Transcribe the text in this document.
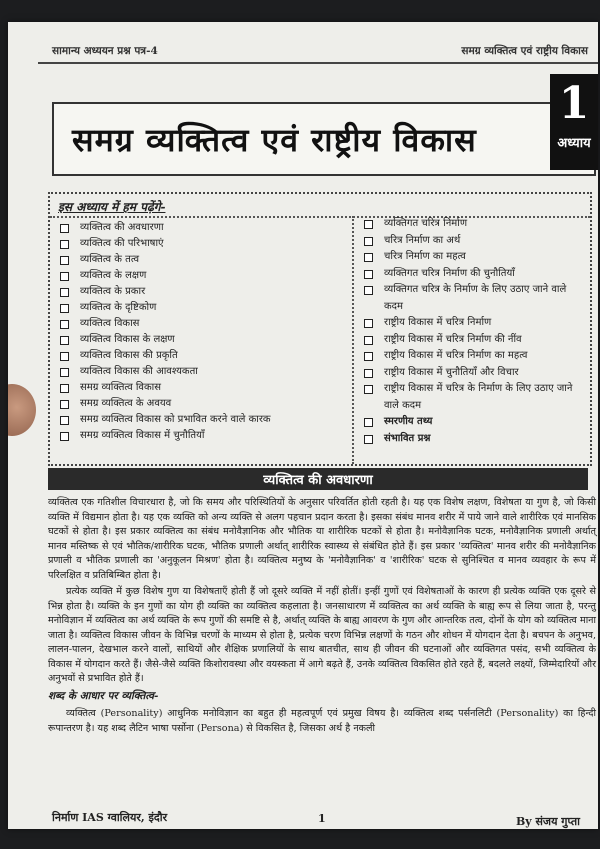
सामान्य अध्ययन प्रश्न पत्र-4	समग्र व्यक्तित्व एवं राष्ट्रीय विकास
समग्र व्यक्तित्व एवं राष्ट्रीय विकास
1
अध्याय
इस अध्याय में हम पढ़ेंगे-
व्यक्तित्व की अवधारणा
व्यक्तित्व की परिभाषाएं
व्यक्तित्व के तत्व
व्यक्तित्व के लक्षण
व्यक्तित्व के प्रकार
व्यक्तित्व के दृष्टिकोण
व्यक्तित्व विकास
व्यक्तित्व विकास के लक्षण
व्यक्तित्व विकास की प्रकृति
व्यक्तित्व विकास की आवश्यकता
समग्र व्यक्तित्व विकास
समग्र व्यक्तित्व के अवयव
समग्र व्यक्तित्व विकास को प्रभावित करने वाले कारक
समग्र व्यक्तित्व विकास में चुनौतियाँ
व्यक्तिगत चरित्र निर्माण
चरित्र निर्माण का अर्थ
चरित्र निर्माण का महत्व
व्यक्तिगत चरित्र निर्माण की चुनौतियाँ
व्यक्तिगत चरित्र के निर्माण के लिए उठाए जाने वाले कदम
राष्ट्रीय विकास में चरित्र निर्माण
राष्ट्रीय विकास में चरित्र निर्माण की नींव
राष्ट्रीय विकास में चरित्र निर्माण का महत्व
राष्ट्रीय विकास में चुनौतियाँ और विचार
राष्ट्रीय विकास में चरित्र के निर्माण के लिए उठाए जाने वाले कदम
स्मरणीय तथ्य
संभावित प्रश्न
व्यक्तित्व की अवधारणा

व्यक्तित्व एक गतिशील विचारधारा है, जो कि समय और परिस्थितियों के अनुसार परिवर्तित होती रहती है। यह एक विशेष लक्षण, विशेषता या गुण है, जो किसी व्यक्ति में विद्यमान होता है। यह एक व्यक्ति को अन्य व्यक्ति से अलग पहचान प्रदान करता है। इसका संबंध मानव शरीर में पाये जाने वाले शारीरिक एवं मानसिक घटकों से होता है। इस प्रकार व्यक्तित्व का संबंध मनोवैज्ञानिक और भौतिक या शारीरिक घटकों से होता है। मनोवैज्ञानिक घटक, मनोवैज्ञानिक प्रणाली अर्थात् मानव मस्तिष्क से एवं भौतिक/शारीरिक घटक, भौतिक प्रणाली अर्थात् शारीरिक स्वास्थ्य से संबंधित होते हैं। इस प्रकार 'व्यक्तित्व' मानव शरीर की मनोवैज्ञानिक प्रणाली व भौतिक प्रणाली का 'अनुकूलन मिश्रण' होता है। व्यक्तित्व मनुष्य के 'मनोवैज्ञानिक' व 'शारीरिक' घटक से सुनिश्चित व मानव व्यवहार के रूप में परिलक्षित व प्रतिबिम्बित होता है।

प्रत्येक व्यक्ति में कुछ विशेष गुण या विशेषताएँ होती हैं जो दूसरे व्यक्ति में नहीं होतीं। इन्हीं गुणों एवं विशेषताओं के कारण ही प्रत्येक व्यक्ति एक दूसरे से भिन्न होता है। व्यक्ति के इन गुणों का योग ही व्यक्ति का व्यक्तित्व कहलाता है। जनसाधारण में व्यक्तित्व का अर्थ व्यक्ति के बाह्य रूप से लिया जाता है, परन्तु मनोविज्ञान में व्यक्तित्व का अर्थ व्यक्ति के रूप गुणों की समष्टि से है, अर्थात् व्यक्ति के बाह्य आवरण के गुण और आन्तरिक तत्व, दोनों के योग को व्यक्तित्व माना जाता है। व्यक्तित्व विकास जीवन के विभिन्न चरणों के माध्यम से होता है, प्रत्येक चरण विभिन्न लक्षणों के गठन और शोधन में योगदान देता है। बचपन के अनुभव, लालन-पालन, देखभाल करने वालों, साथियों और शैक्षिक प्रणालियों के साथ बातचीत, साथ ही जीवन की घटनाओं और व्यक्तिगत पसंद, सभी व्यक्तित्व के विकास में योगदान करते हैं। जैसे-जैसे व्यक्ति किशोरावस्था और वयस्कता में आगे बढ़ते हैं, उनके व्यक्तित्व विकसित होते रहते हैं, बदलते लक्ष्यों, जिम्मेदारियों और अनुभवों से प्रभावित होते हैं।

शब्द के आधार पर व्यक्तित्व-

व्यक्तित्व (Personality) आधुनिक मनोविज्ञान का बहुत ही महत्वपूर्ण एवं प्रमुख विषय है। व्यक्तित्व शब्द पर्सनलिटी (Personality) का हिन्दी रूपान्तरण है। यह शब्द लैटिन भाषा पर्सोना (Persona) से विकसित है, जिसका अर्थ है नकली

निर्माण IAS ग्वालियर, इंदौर	1	By संजय गुप्ता
